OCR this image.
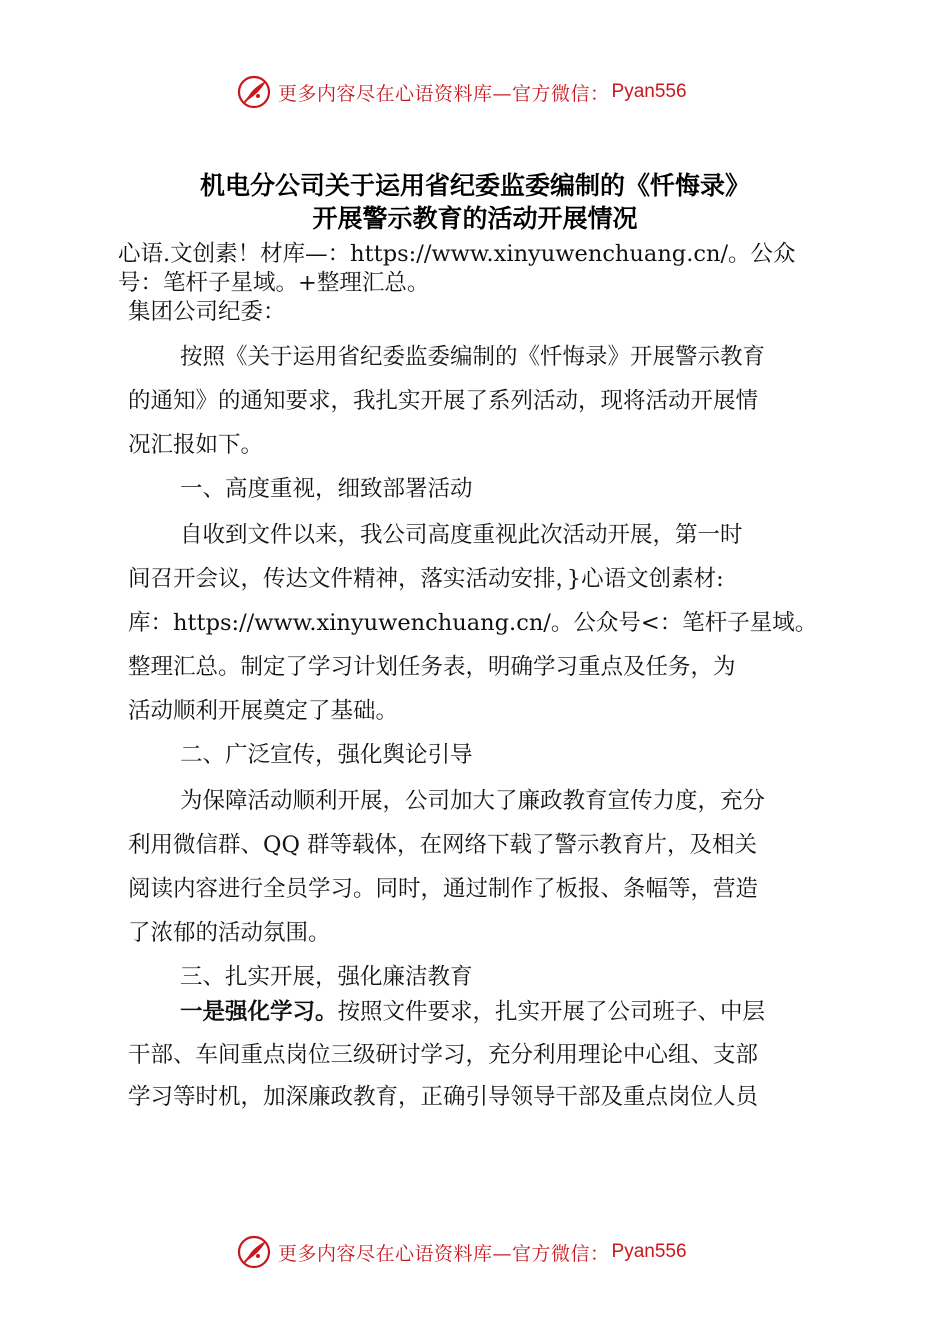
更多内容尽在心语资料库—官方微信： Pyan556
机电分公司关于运用省纪委监委编制的《忏悔录》
开展警示教育的活动开展情况
心语.文创素！材库—：https://www.xinyuwenchuang.cn/。公众
号：笔杆子星域。+整理汇总。
集团公司纪委：
按照《关于运用省纪委监委编制的《忏悔录》开展警示教育
的通知》的通知要求，我扎实开展了系列活动，现将活动开展情
况汇报如下。
一、高度重视，细致部署活动
自收到文件以来，我公司高度重视此次活动开展，第一时
间召开会议，传达文件精神，落实活动安排，}心语文创素材:
库：https://www.xinyuwenchuang.cn/。公众号<：笔杆子星域。
整理汇总。制定了学习计划任务表，明确学习重点及任务，为
活动顺利开展奠定了基础。
二、广泛宣传，强化舆论引导
为保障活动顺利开展，公司加大了廉政教育宣传力度，充分
利用微信群、QQ 群等载体，在网络下载了警示教育片，及相关
阅读内容进行全员学习。同时，通过制作了板报、条幅等，营造
了浓郁的活动氛围。
三、扎实开展，强化廉洁教育
一是强化学习。按照文件要求，扎实开展了公司班子、中层
干部、车间重点岗位三级研讨学习，充分利用理论中心组、支部
学习等时机，加深廉政教育，正确引导领导干部及重点岗位人员
更多内容尽在心语资料库—官方微信： Pyan556
